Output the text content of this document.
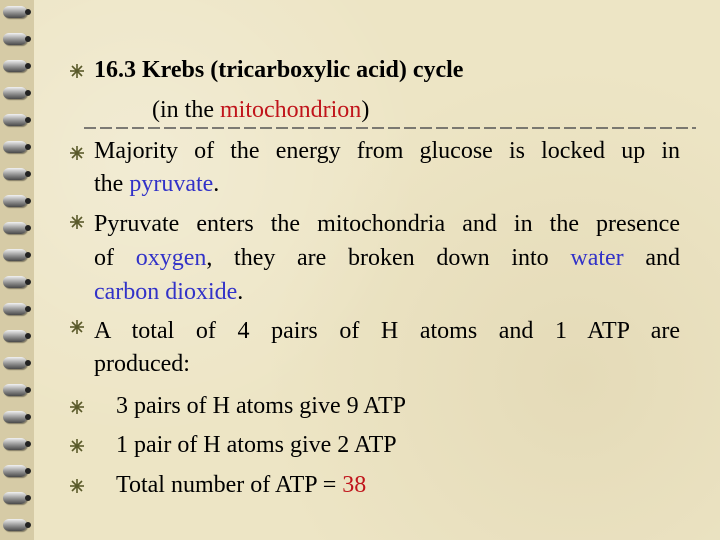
16.3 Krebs (tricarboxylic acid) cycle
(in the mitochondrion)
Majority of the energy from glucose is locked up in
the pyruvate.
Pyruvate enters the mitochondria and in the presence
of oxygen, they are broken down into water and
carbon dioxide.
A total of 4 pairs of H atoms and 1 ATP are
produced:
3 pairs of H atoms give 9 ATP
1 pair of H atoms give 2 ATP
Total number of ATP = 38
